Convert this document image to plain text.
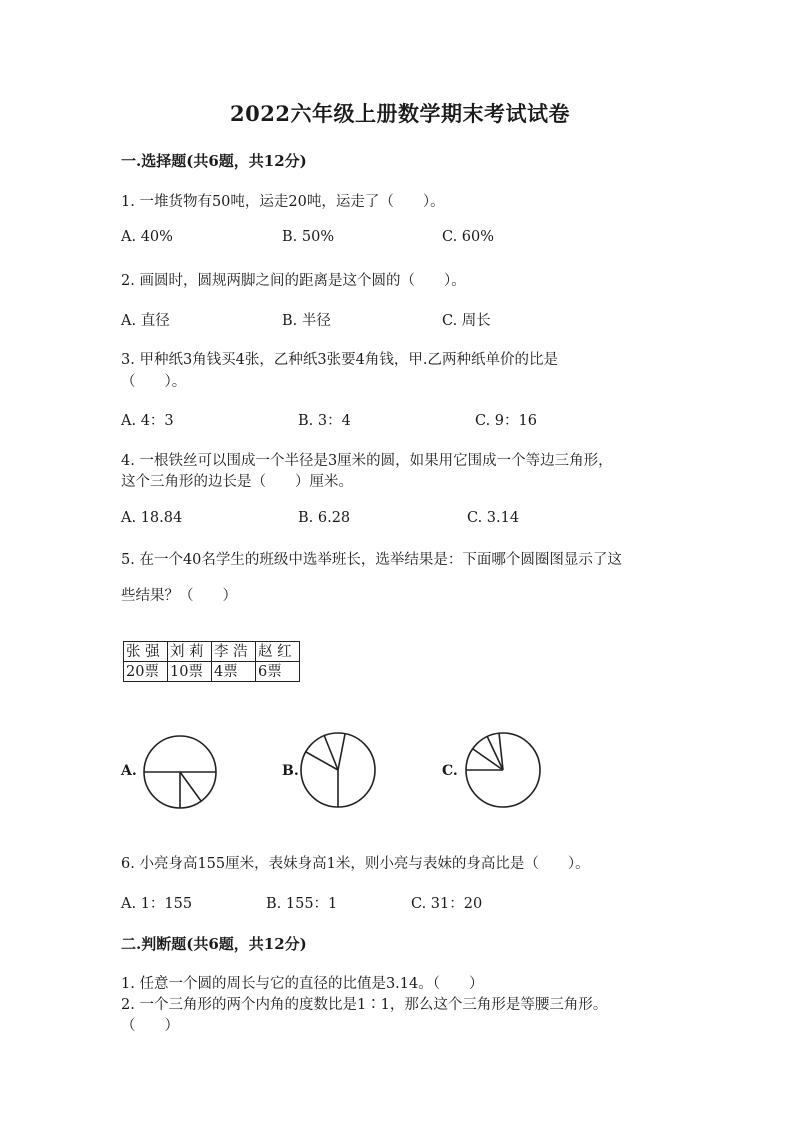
2022六年级上册数学期末考试试卷
一.选择题(共6题，共12分)
1. 一堆货物有50吨，运走20吨，运走了（　　）。
A. 40%	B. 50%	C. 60%
2. 画圆时，圆规两脚之间的距离是这个圆的（　　）。
A. 直径	B. 半径	C. 周长
3. 甲种纸3角钱买4张，乙种纸3张要4角钱，甲.乙两种纸单价的比是
（　　）。
A. 4：3	B. 3：4	C. 9：16
4. 一根铁丝可以围成一个半径是3厘米的圆，如果用它围成一个等边三角形，
这个三角形的边长是（　　）厘米。
A. 18.84	B. 6.28	C. 3.14
5. 在一个40名学生的班级中选举班长，选举结果是：下面哪个圆圈图显示了这
些结果？（　　）
张 强	刘 莉	李 浩	赵 红
20票	10票	4票	6票
A.	B.	C.
6. 小亮身高155厘米，表妹身高1米，则小亮与表妹的身高比是（　　）。
A. 1：155	B. 155：1	C. 31：20
二.判断题(共6题，共12分)
1. 任意一个圆的周长与它的直径的比值是3.14。（　　）
2. 一个三角形的两个内角的度数比是1∶1，那么这个三角形是等腰三角形。
（　　）
